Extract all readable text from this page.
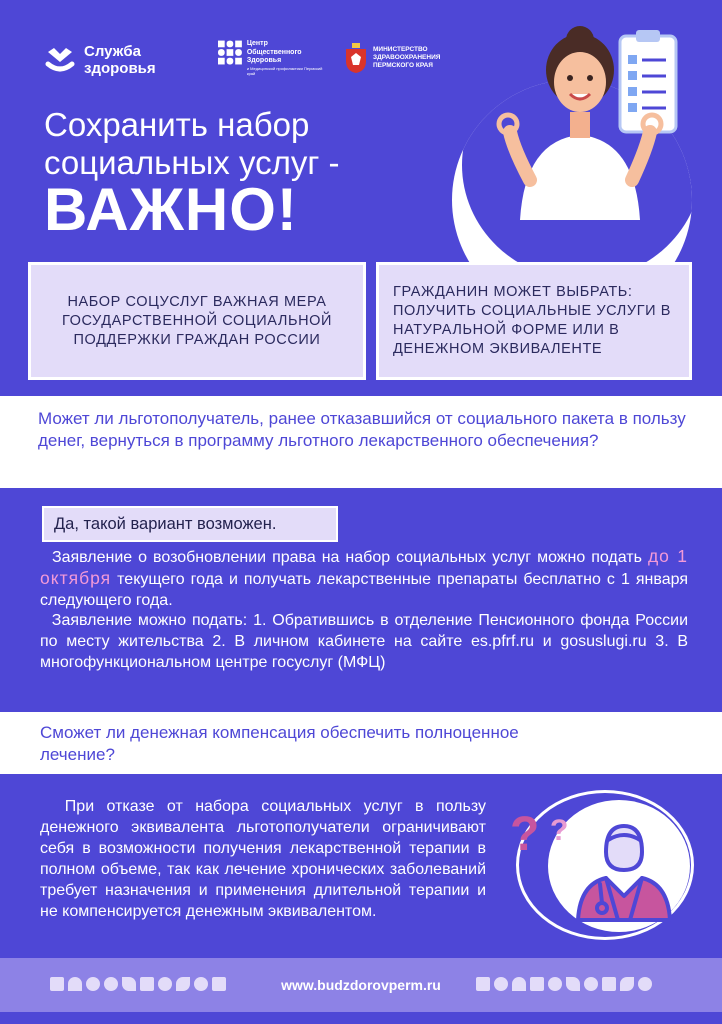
Служба
здоровья
Центр
Общественного
Здоровья
и Медицинской профилактики Пермский край
МИНИСТЕРСТВО
ЗДРАВООХРАНЕНИЯ
ПЕРМСКОГО КРАЯ
Сохранить набор
социальных услуг -
ВАЖНО!
НАБОР СОЦУСЛУГ ВАЖНАЯ МЕРА ГОСУДАРСТВЕННОЙ СОЦИАЛЬНОЙ ПОДДЕРЖКИ ГРАЖДАН РОССИИ
ГРАЖДАНИН МОЖЕТ ВЫБРАТЬ: ПОЛУЧИТЬ СОЦИАЛЬНЫЕ УСЛУГИ В НАТУРАЛЬНОЙ ФОРМЕ ИЛИ В ДЕНЕЖНОМ ЭКВИВАЛЕНТЕ
Может ли льготополучатель, ранее отказавшийся от социального пакета в пользу денег, вернуться в программу льготного лекарственного обеспечения?
Да, такой вариант возможен.
Заявление о возобновлении права на набор социальных услуг можно подать до 1 октября текущего года и получать лекарственные препараты бесплатно с 1 января следующего года.
Заявление можно подать: 1. Обратившись в отделение Пенсионного фонда России по месту жительства 2. В личном кабинете на сайте es.pfrf.ru и gosuslugi.ru 3. В многофункциональном центре госуслуг (МФЦ)
Сможет ли денежная компенсация обеспечить полноценное лечение?
При отказе от набора социальных услуг в пользу денежного эквивалента льготополучатели ограничивают себя в возможности получения лекарственной терапии в полном объеме, так как лечение хронических заболеваний требует назначения и применения длительной терапии и не компенсируется денежным эквивалентом.
? ?
www.budzdorovperm.ru
